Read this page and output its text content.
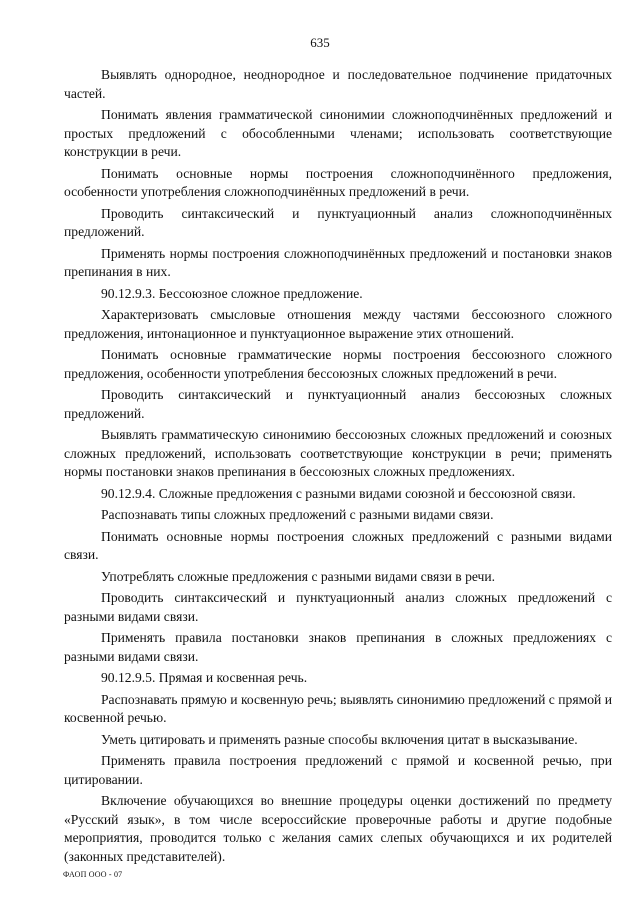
635

Выявлять однородное, неоднородное и последовательное подчинение придаточных частей.

Понимать явления грамматической синонимии сложноподчинённых предложений и простых предложений с обособленными членами; использовать соответствующие конструкции в речи.

Понимать основные нормы построения сложноподчинённого предложения, особенности употребления сложноподчинённых предложений в речи.

Проводить синтаксический и пунктуационный анализ сложноподчинённых предложений.

Применять нормы построения сложноподчинённых предложений и постановки знаков препинания в них.

90.12.9.3. Бессоюзное сложное предложение.

Характеризовать смысловые отношения между частями бессоюзного сложного предложения, интонационное и пунктуационное выражение этих отношений.

Понимать основные грамматические нормы построения бессоюзного сложного предложения, особенности употребления бессоюзных сложных предложений в речи.

Проводить синтаксический и пунктуационный анализ бессоюзных сложных предложений.

Выявлять грамматическую синонимию бессоюзных сложных предложений и союзных сложных предложений, использовать соответствующие конструкции в речи; применять нормы постановки знаков препинания в бессоюзных сложных предложениях.

90.12.9.4. Сложные предложения с разными видами союзной и бессоюзной связи.

Распознавать типы сложных предложений с разными видами связи.

Понимать основные нормы построения сложных предложений с разными видами связи.

Употреблять сложные предложения с разными видами связи в речи.

Проводить синтаксический и пунктуационный анализ сложных предложений с разными видами связи.

Применять правила постановки знаков препинания в сложных предложениях с разными видами связи.

90.12.9.5. Прямая и косвенная речь.

Распознавать прямую и косвенную речь; выявлять синонимию предложений с прямой и косвенной речью.

Уметь цитировать и применять разные способы включения цитат в высказывание.

Применять правила построения предложений с прямой и косвенной речью, при цитировании.

Включение обучающихся во внешние процедуры оценки достижений по предмету «Русский язык», в том числе всероссийские проверочные работы и другие подобные мероприятия, проводится только с желания самих слепых обучающихся и их родителей (законных представителей).

ФАОП ООО - 07
